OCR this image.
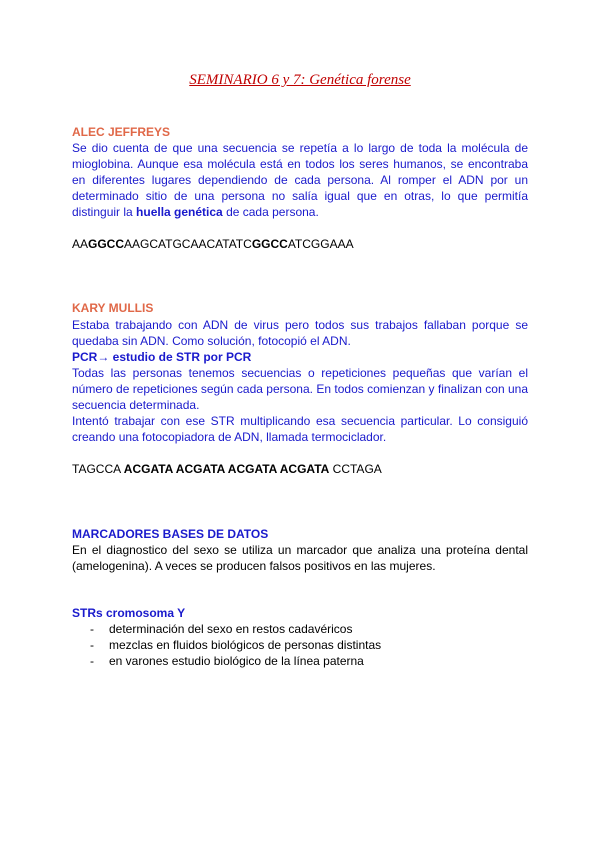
SEMINARIO 6 y 7: Genética forense
ALEC JEFFREYS
Se dio cuenta de que una secuencia se repetía a lo largo de toda la molécula de mioglobina. Aunque esa molécula está en todos los seres humanos, se encontraba en diferentes lugares dependiendo de cada persona. Al romper el ADN por un determinado sitio de una persona no salía igual que en otras, lo que permitía distinguir la huella genética de cada persona.
AAGGCCAAGCATGCAACATATCGGCCATCGGAAA
KARY MULLIS
Estaba trabajando con ADN de virus pero todos sus trabajos fallaban porque se quedaba sin ADN. Como solución, fotocopió el ADN.
PCR→ estudio de STR por PCR
Todas las personas tenemos secuencias o repeticiones pequeñas que varían el número de repeticiones según cada persona. En todos comienzan y finalizan con una secuencia determinada.
Intentó trabajar con ese STR multiplicando esa secuencia particular. Lo consiguió creando una fotocopiadora de ADN, llamada termociclador.
TAGCCA ACGATA ACGATA ACGATA ACGATA CCTAGA
MARCADORES BASES DE DATOS
En el diagnostico del sexo se utiliza un marcador que analiza una proteína dental (amelogenina). A veces se producen falsos positivos en las mujeres.
STRs cromosoma Y
- determinación del sexo en restos cadavéricos
- mezclas en fluidos biológicos de personas distintas
- en varones estudio biológico de la línea paterna
